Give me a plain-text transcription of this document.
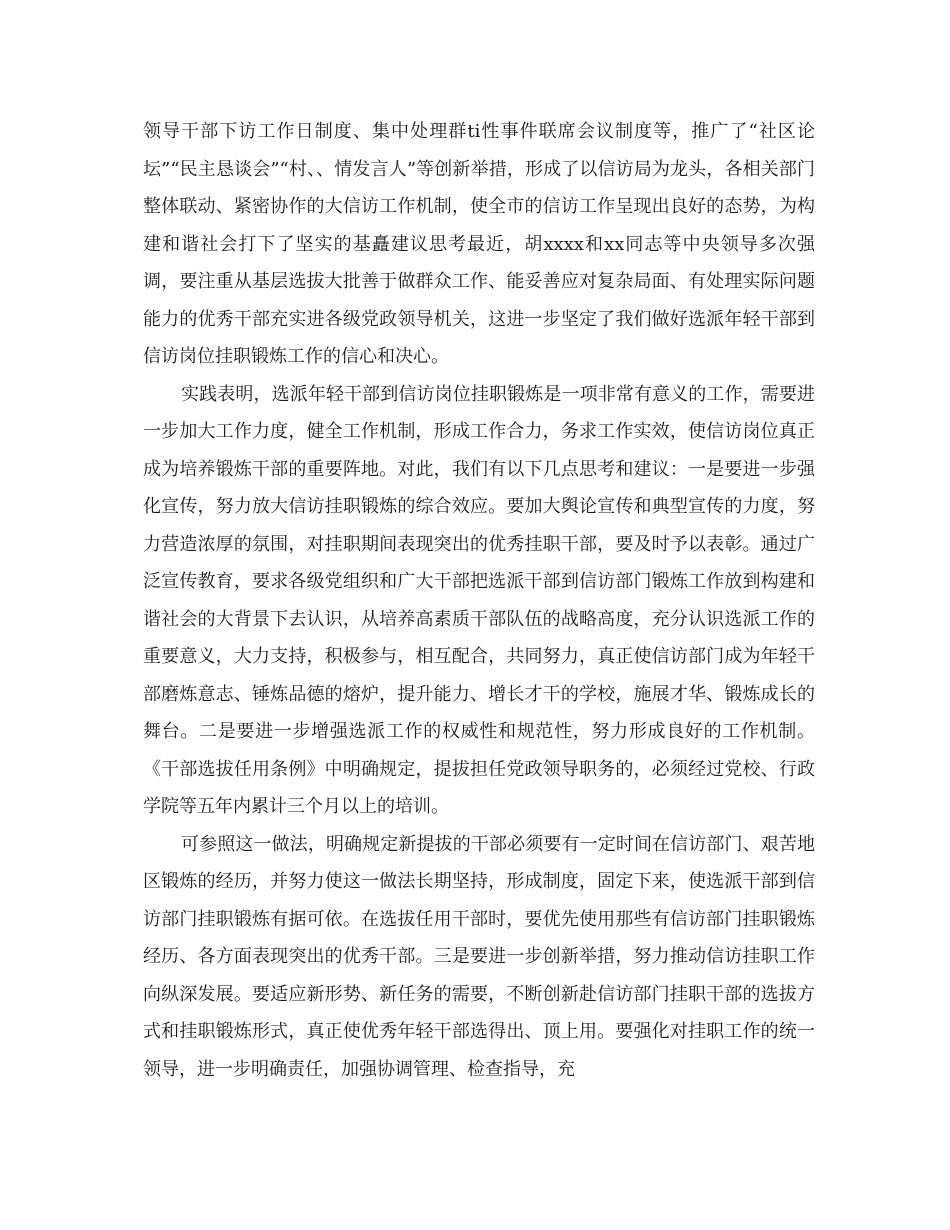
领导干部下访工作日制度、集中处理群ti性事件联席会议制度等，推广了“社区论坛”“民主恳谈会”“村、、情发言人”等创新举措，形成了以信访局为龙头，各相关部门整体联动、紧密协作的大信访工作机制，使全市的信访工作呈现出良好的态势，为构建和谐社会打下了坚实的基矗建议思考最近，胡xxxx和xx同志等中央领导多次强调，要注重从基层选拔大批善于做群众工作、能妥善应对复杂局面、有处理实际问题能力的优秀干部充实进各级党政领导机关，这进一步坚定了我们做好选派年轻干部到信访岗位挂职锻炼工作的信心和决心。

实践表明，选派年轻干部到信访岗位挂职锻炼是一项非常有意义的工作，需要进一步加大工作力度，健全工作机制，形成工作合力，务求工作实效，使信访岗位真正成为培养锻炼干部的重要阵地。对此，我们有以下几点思考和建议：一是要进一步强化宣传，努力放大信访挂职锻炼的综合效应。要加大舆论宣传和典型宣传的力度，努力营造浓厚的氛围，对挂职期间表现突出的优秀挂职干部，要及时予以表彰。通过广泛宣传教育，要求各级党组织和广大干部把选派干部到信访部门锻炼工作放到构建和谐社会的大背景下去认识，从培养高素质干部队伍的战略高度，充分认识选派工作的重要意义，大力支持，积极参与，相互配合，共同努力，真正使信访部门成为年轻干部磨炼意志、锤炼品德的熔炉，提升能力、增长才干的学校，施展才华、锻炼成长的舞台。二是要进一步增强选派工作的权威性和规范性，努力形成良好的工作机制。《干部选拔任用条例》中明确规定，提拔担任党政领导职务的，必须经过党校、行政学院等五年内累计三个月以上的培训。

可参照这一做法，明确规定新提拔的干部必须要有一定时间在信访部门、艰苦地区锻炼的经历，并努力使这一做法长期坚持，形成制度，固定下来，使选派干部到信访部门挂职锻炼有据可依。在选拔任用干部时，要优先使用那些有信访部门挂职锻炼经历、各方面表现突出的优秀干部。三是要进一步创新举措，努力推动信访挂职工作向纵深发展。要适应新形势、新任务的需要，不断创新赴信访部门挂职干部的选拔方式和挂职锻炼形式，真正使优秀年轻干部选得出、顶上用。要强化对挂职工作的统一领导，进一步明确责任，加强协调管理、检查指导，充
